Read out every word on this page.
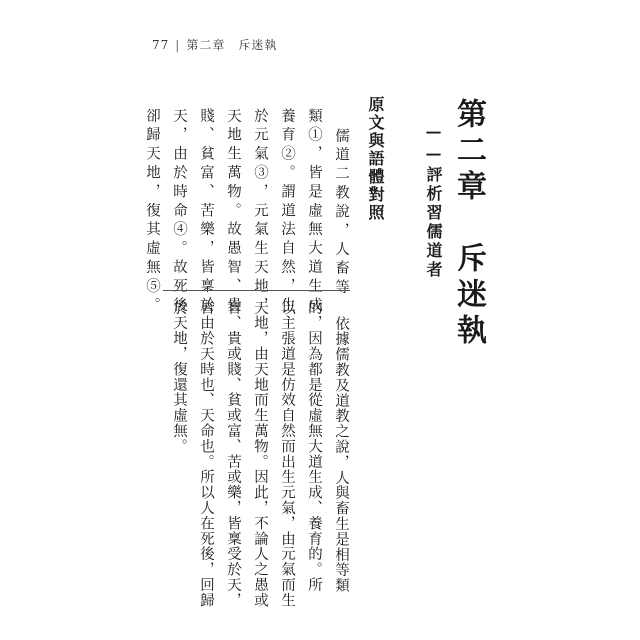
77 | 第二章　斥迷執
第二章　斥迷執
——評析習儒道者
原文與語體對照
儒道二教說，人畜等
類①，皆是虛無大道生成
養育②。謂道法自然，生
於元氣③，元氣生天地，
天地生萬物。故愚智、貴
賤、貧富、苦樂，皆稟於
天，由於時命④。故死後
卻歸天地，復其虛無⑤。
依據儒教及道教之說，人與畜生是相等類
的，因為都是從虛無大道生成、養育的。所
以主張道是仿效自然而出生元氣，由元氣而生
天地，由天地而生萬物。因此，不論人之愚或
智、貴或賤、貧或富、苦或樂，皆稟受於天，
皆由於天時也、天命也。所以人在死後，回歸
於天地，復還其虛無。
